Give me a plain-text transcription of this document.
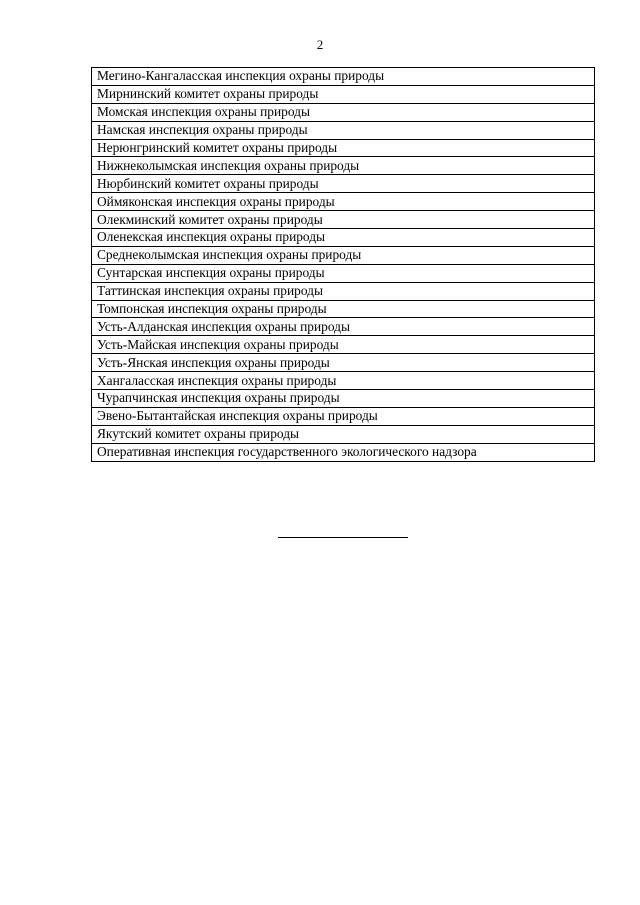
2
Мегино-Кангаласская инспекция охраны природы
Мирнинский комитет охраны природы
Момская инспекция охраны природы
Намская инспекция охраны природы
Нерюнгринский комитет охраны природы
Нижнеколымская инспекция охраны природы
Нюрбинский комитет охраны природы
Оймяконская инспекция охраны природы
Олекминский комитет охраны природы
Оленекская инспекция охраны природы
Среднеколымская инспекция охраны природы
Сунтарская инспекция охраны природы
Таттинская инспекция охраны природы
Томпонская инспекция охраны природы
Усть-Алданская инспекция охраны природы
Усть-Майская инспекция охраны природы
Усть-Янская инспекция охраны природы
Хангаласская инспекция охраны природы
Чурапчинская инспекция охраны природы
Эвено-Бытантайская инспекция охраны природы
Якутский комитет охраны природы
Оперативная инспекция государственного экологического надзора
